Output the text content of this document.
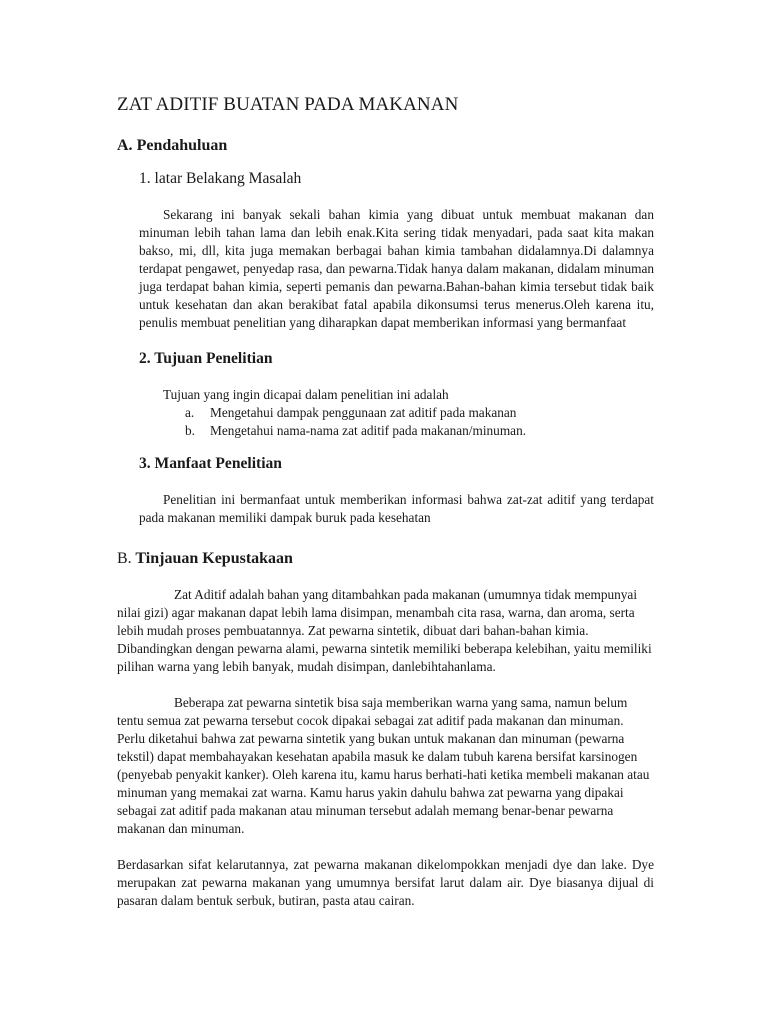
ZAT ADITIF BUATAN PADA MAKANAN
A. Pendahuluan
1. latar Belakang Masalah

Sekarang ini banyak sekali bahan kimia yang dibuat untuk membuat makanan dan minuman lebih tahan lama dan lebih enak.Kita sering tidak menyadari, pada saat kita makan bakso, mi, dll, kita juga memakan berbagai bahan kimia tambahan didalamnya.Di dalamnya terdapat pengawet, penyedap rasa, dan pewarna.Tidak hanya dalam makanan, didalam minuman juga terdapat bahan kimia, seperti pemanis dan pewarna.Bahan-bahan kimia tersebut tidak baik untuk kesehatan dan akan berakibat fatal apabila dikonsumsi terus menerus.Oleh karena itu, penulis membuat penelitian yang diharapkan dapat memberikan informasi yang bermanfaat

2. Tujuan Penelitian

Tujuan yang ingin dicapai dalam penelitian ini adalah

a. Mengetahui dampak penggunaan zat aditif pada makanan
b. Mengetahui nama-nama zat aditif pada makanan/minuman.
3. Manfaat Penelitian

Penelitian ini bermanfaat untuk memberikan informasi bahwa zat-zat aditif yang terdapat pada makanan memiliki dampak buruk pada kesehatan

B. Tinjauan Kepustakaan

Zat Aditif adalah bahan yang ditambahkan pada makanan (umumnya tidak mempunyai nilai gizi) agar makanan dapat lebih lama disimpan, menambah cita rasa, warna, dan aroma, serta lebih mudah proses pembuatannya. Zat pewarna sintetik, dibuat dari bahan-bahan kimia. Dibandingkan dengan pewarna alami, pewarna sintetik memiliki beberapa kelebihan, yaitu memiliki pilihan warna yang lebih banyak, mudah disimpan, danlebihtahanlama.

Beberapa zat pewarna sintetik bisa saja memberikan warna yang sama, namun belum tentu semua zat pewarna tersebut cocok dipakai sebagai zat aditif pada makanan dan minuman. Perlu diketahui bahwa zat pewarna sintetik yang bukan untuk makanan dan minuman (pewarna tekstil) dapat membahayakan kesehatan apabila masuk ke dalam tubuh karena bersifat karsinogen (penyebab penyakit kanker). Oleh karena itu, kamu harus berhati-hati ketika membeli makanan atau minuman yang memakai zat warna. Kamu harus yakin dahulu bahwa zat pewarna yang dipakai sebagai zat aditif pada makanan atau minuman tersebut adalah memang benar-benar pewarna makanan dan minuman.

Berdasarkan sifat kelarutannya, zat pewarna makanan dikelompokkan menjadi dye dan lake. Dye merupakan zat pewarna makanan yang umumnya bersifat larut dalam air. Dye biasanya dijual di pasaran dalam bentuk serbuk, butiran, pasta atau cairan.
